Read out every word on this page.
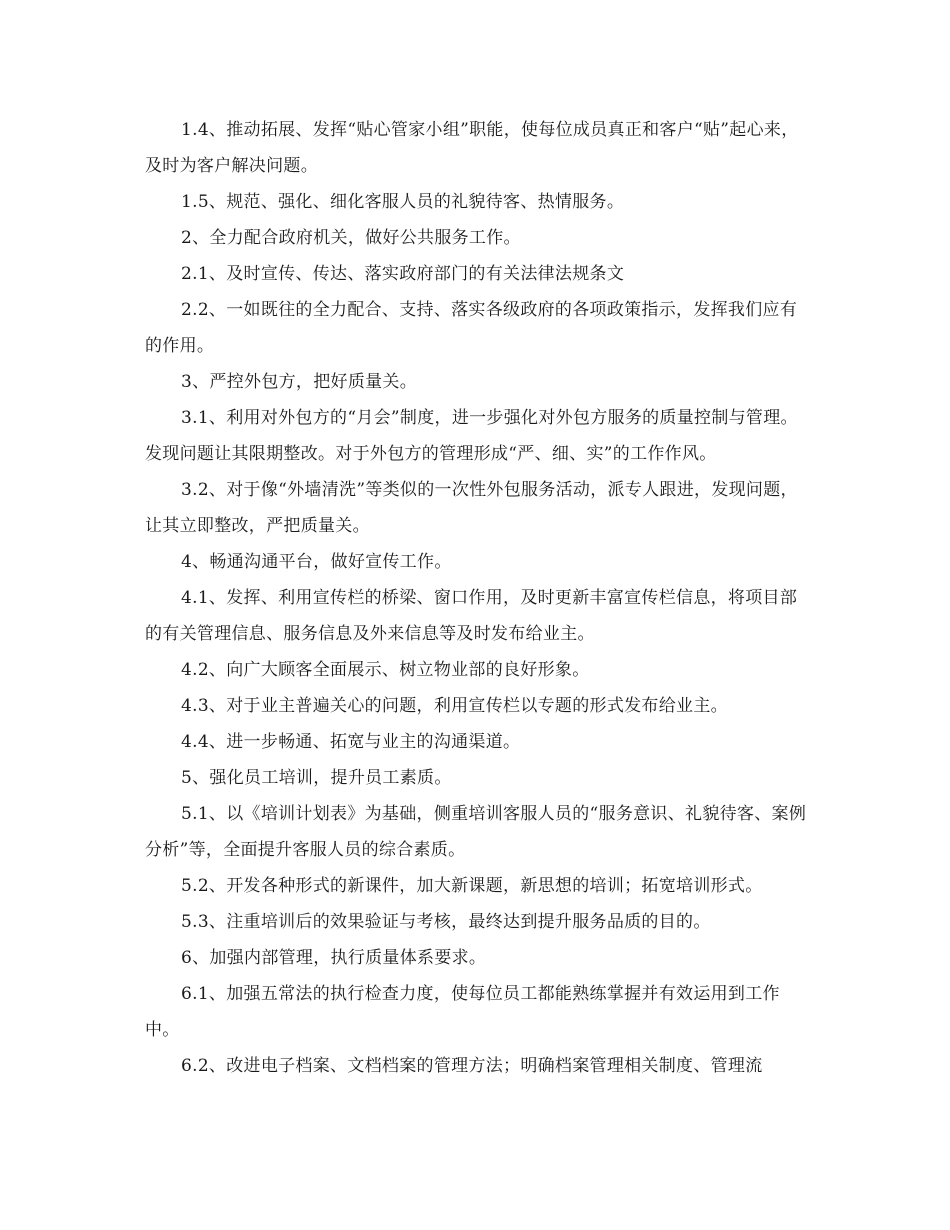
1.4、推动拓展、发挥“贴心管家小组”职能，使每位成员真正和客户“贴”起心来，及时为客户解决问题。

1.5、规范、强化、细化客服人员的礼貌待客、热情服务。

2、全力配合政府机关，做好公共服务工作。

2.1、及时宣传、传达、落实政府部门的有关法律法规条文

2.2、一如既往的全力配合、支持、落实各级政府的各项政策指示，发挥我们应有的作用。

3、严控外包方，把好质量关。

3.1、利用对外包方的“月会”制度，进一步强化对外包方服务的质量控制与管理。发现问题让其限期整改。对于外包方的管理形成“严、细、实”的工作作风。

3.2、对于像“外墙清洗”等类似的一次性外包服务活动，派专人跟进，发现问题，让其立即整改，严把质量关。

4、畅通沟通平台，做好宣传工作。

4.1、发挥、利用宣传栏的桥梁、窗口作用，及时更新丰富宣传栏信息，将项目部的有关管理信息、服务信息及外来信息等及时发布给业主。

4.2、向广大顾客全面展示、树立物业部的良好形象。

4.3、对于业主普遍关心的问题，利用宣传栏以专题的形式发布给业主。

4.4、进一步畅通、拓宽与业主的沟通渠道。

5、强化员工培训，提升员工素质。

5.1、以《培训计划表》为基础，侧重培训客服人员的“服务意识、礼貌待客、案例分析”等，全面提升客服人员的综合素质。

5.2、开发各种形式的新课件，加大新课题，新思想的培训；拓宽培训形式。

5.3、注重培训后的效果验证与考核，最终达到提升服务品质的目的。

6、加强内部管理，执行质量体系要求。

6.1、加强五常法的执行检查力度，使每位员工都能熟练掌握并有效运用到工作中。

6.2、改进电子档案、文档档案的管理方法；明确档案管理相关制度、管理流
